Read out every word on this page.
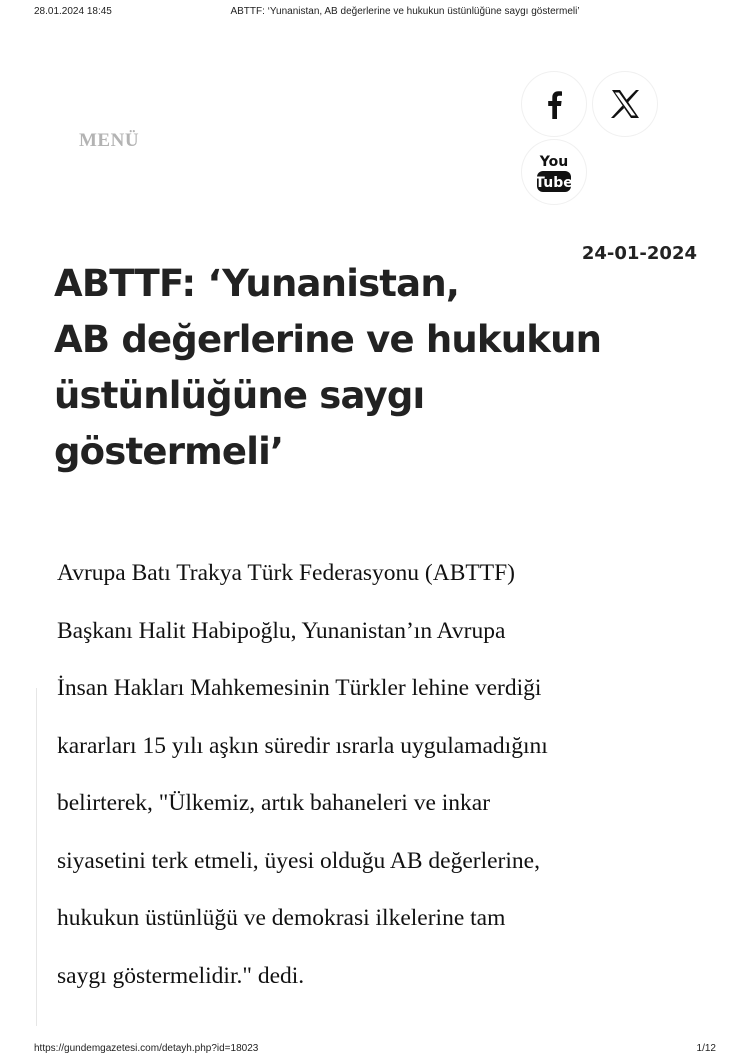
28.01.2024 18:45	ABTTF: ‘Yunanistan, AB değerlerine ve hukukun üstünlüğüne saygı göstermeli’
MENÜ
You
Tube
24-01-2024
ABTTF: ‘Yunanistan,
AB değerlerine ve hukukun
üstünlüğüne saygı
göstermeli’
Avrupa Batı Trakya Türk Federasyonu (ABTTF)
Başkanı Halit Habipoğlu, Yunanistan’ın Avrupa
İnsan Hakları Mahkemesinin Türkler lehine verdiği
kararları 15 yılı aşkın süredir ısrarla uygulamadığını
belirterek, "Ülkemiz, artık bahaneleri ve inkar
siyasetini terk etmeli, üyesi olduğu AB değerlerine,
hukukun üstünlüğü ve demokrasi ilkelerine tam
saygı göstermelidir." dedi.
https://gundemgazetesi.com/detayh.php?id=18023	1/12
